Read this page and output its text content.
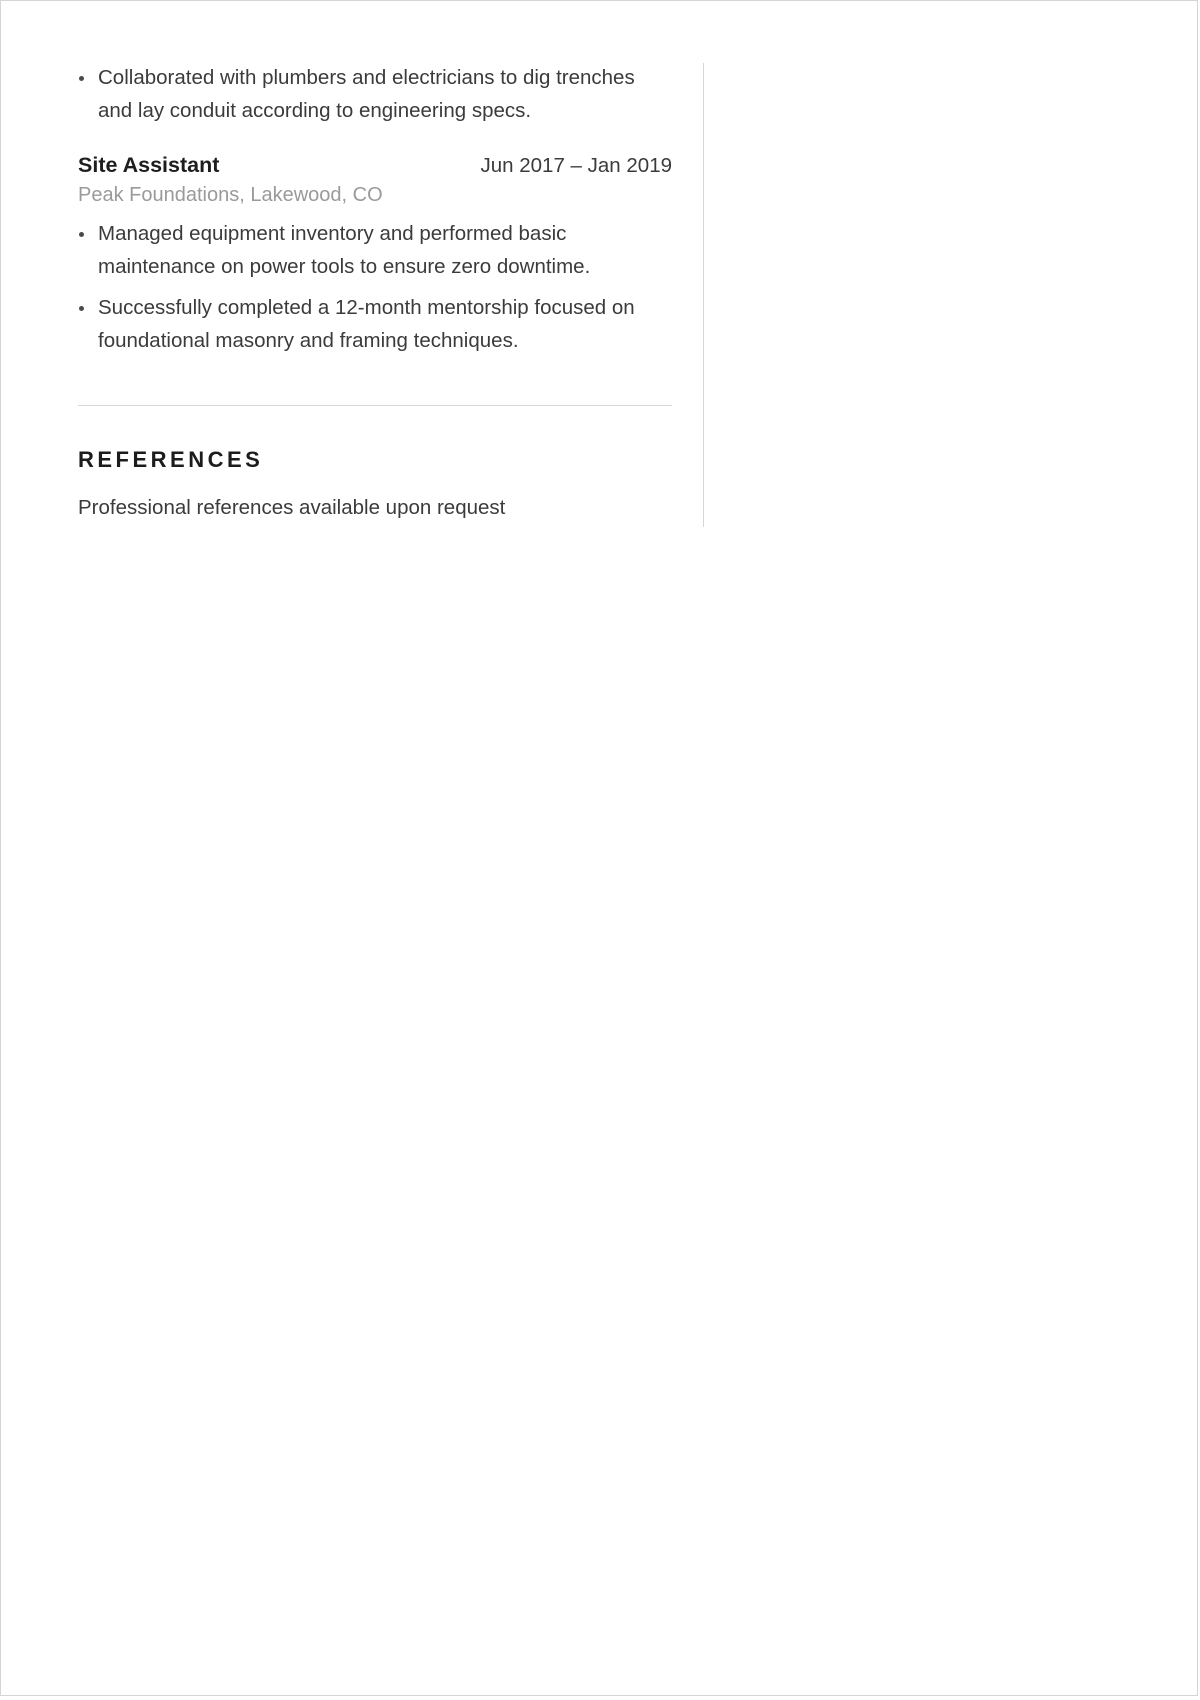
Collaborated with plumbers and electricians to dig trenches and lay conduit according to engineering specs.
Site Assistant	Jun 2017 – Jan 2019
Peak Foundations, Lakewood, CO
Managed equipment inventory and performed basic maintenance on power tools to ensure zero downtime.
Successfully completed a 12-month mentorship focused on foundational masonry and framing techniques.
REFERENCES
Professional references available upon request
